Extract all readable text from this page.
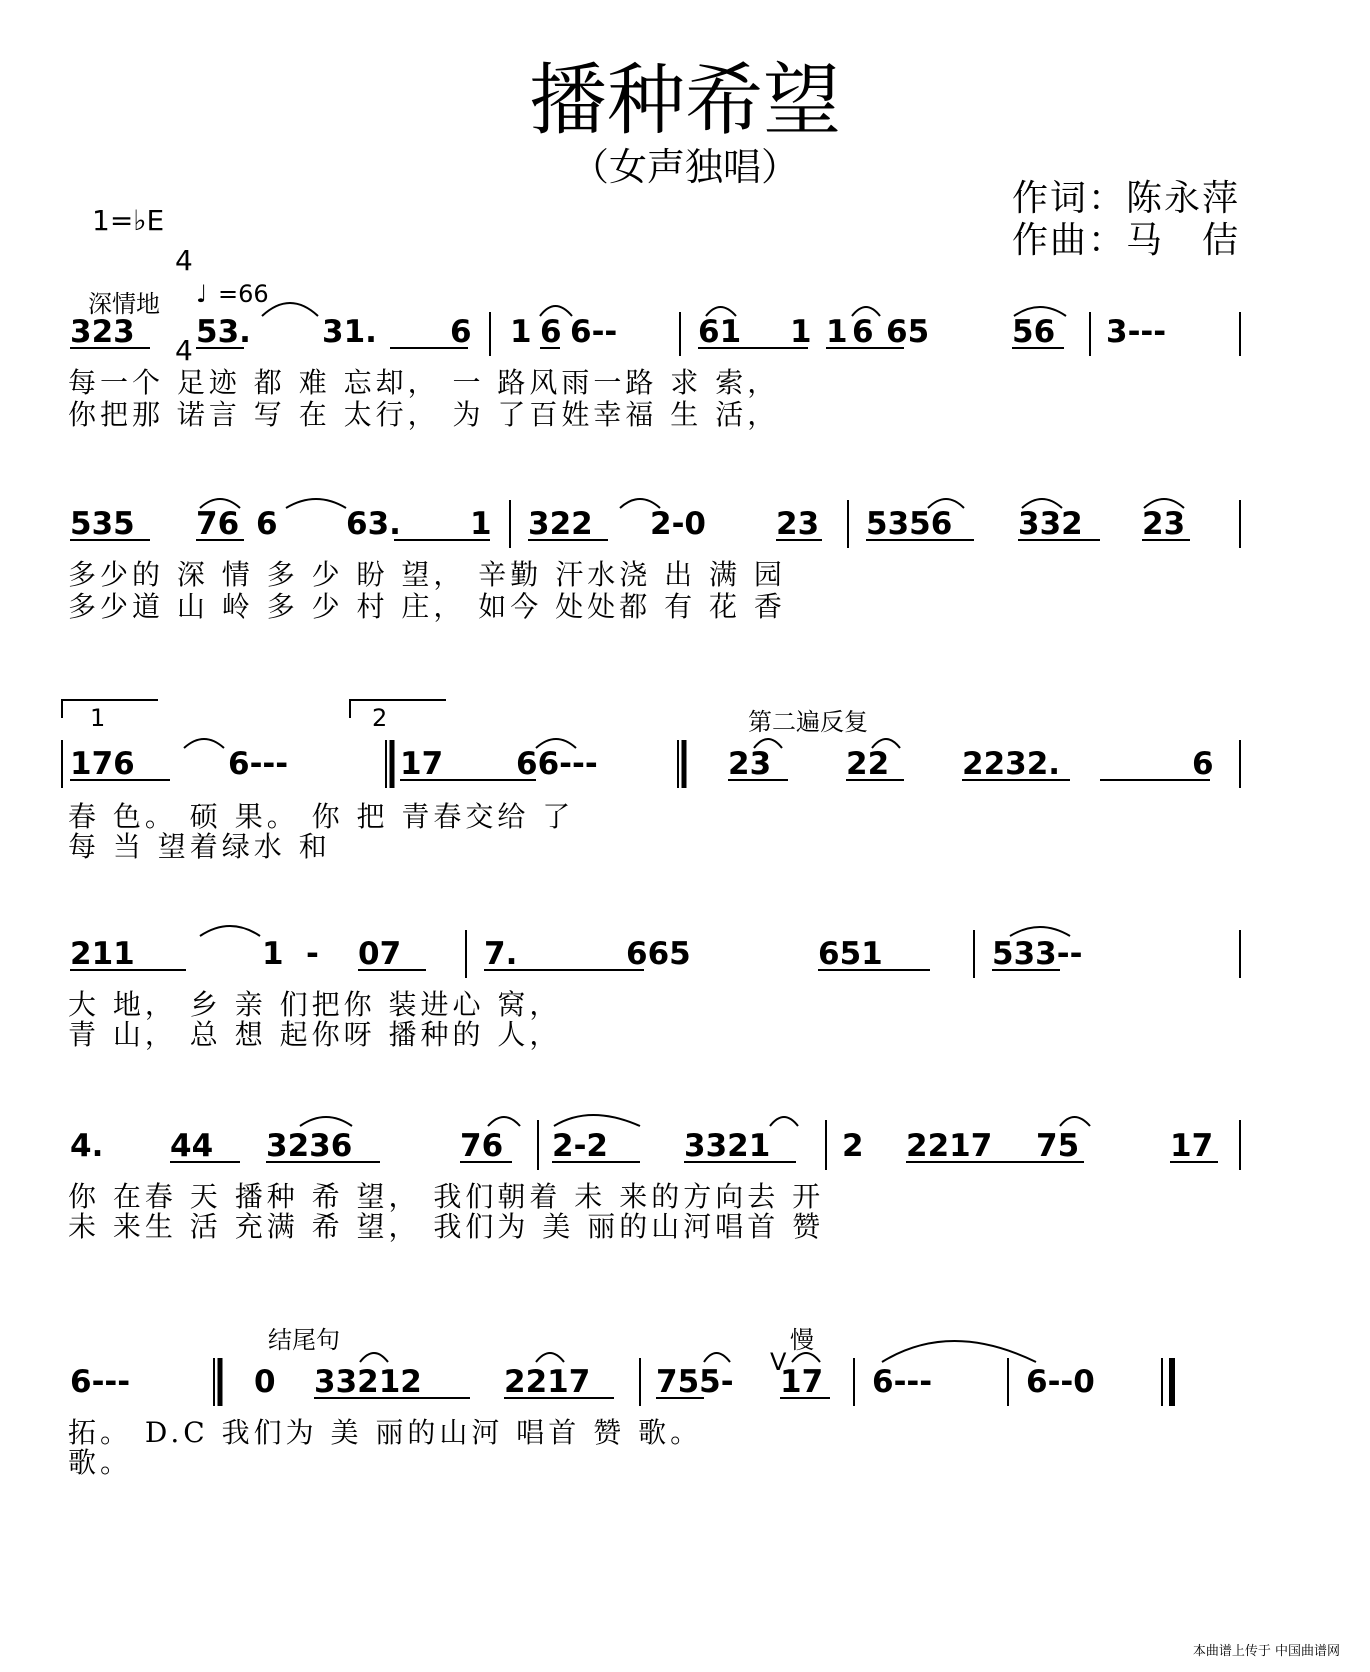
播种希望
（女声独唱）
1=♭E

4

4

作词：陈永萍
作曲：马　佶
深情地 ♩ =66
1	2	第二遍反复
结尾句	慢
V
323 53. 31. 6 1 6 6--	61 1 1 6 65	56 3---
每一个 足迹 都 难 忘却， 一 路风雨一路 求 索，
你把那 诺言 写 在 太行， 为 了百姓幸福 生 活，
535 76 6 63. 1 322 2-0 23 5356 332 23
多少的 深 情 多 少 盼 望， 辛勤 汗水浇 出 满 园
多少道 山 岭 多 少 村 庄， 如今 处处都 有 花 香
176	6---	17 66---	23 22 2232.	6
春 色。 硕 果。 你 把 青春交给 了
每 当 望着绿水 和
211	1 - 07	7.	665	651	533--
大 地， 乡 亲 们把你 装进心 窝，
青 山， 总 想 起你呀 播种的 人，
4. 44 3236	76 2-2 3321 2 2217 75	17
你 在春 天 播种 希 望， 我们朝着 未 来的方向去 开
未 来生 活 充满 希 望， 我们为 美 丽的山河唱首 赞
6---	0 33212	2217 755- 17 6---	6--0
拓。 D.C 我们为 美 丽的山河 唱首 赞 歌。
歌。
本曲谱上传于 中国曲谱网
